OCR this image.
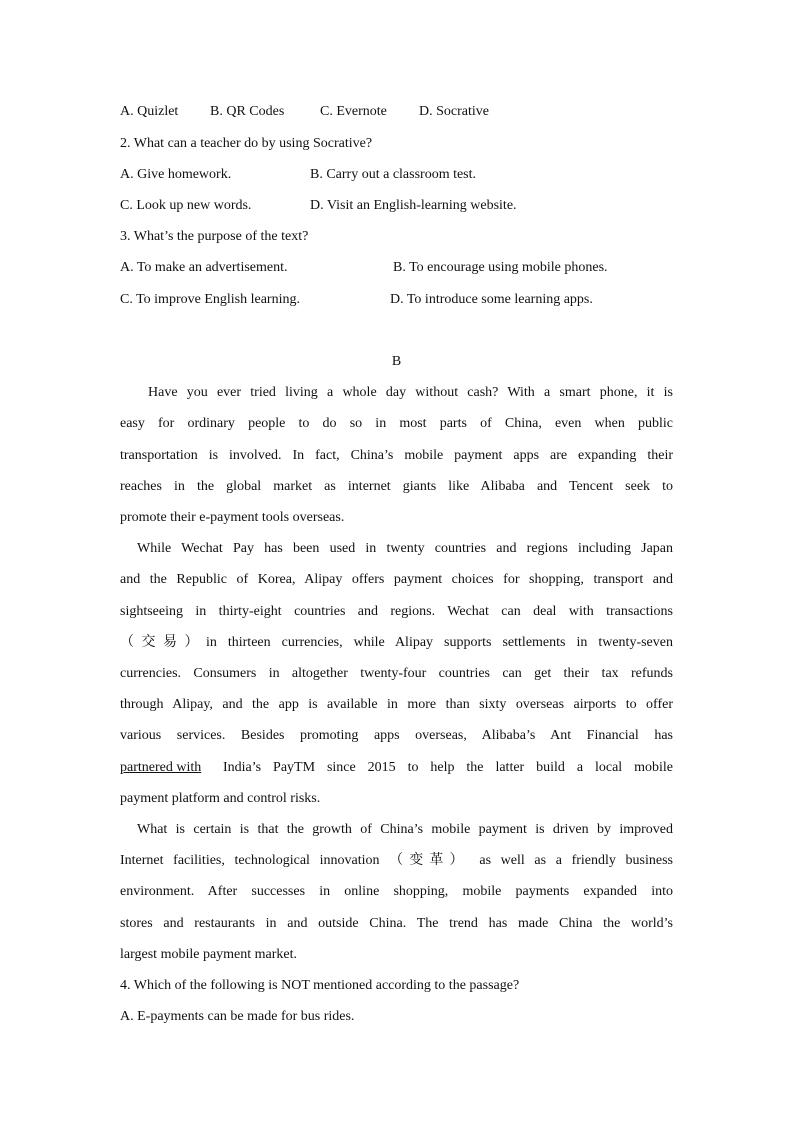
A. Quizlet B. QR Codes	C. Evernote D. Socrative
2. What can a teacher do by using Socrative?
A. Give homework.	B. Carry out a classroom test.
C. Look up new words.	D. Visit an English-learning website.
3. What’s the purpose of the text?
A. To make an advertisement.	B. To encourage using mobile phones.
C. To improve English learning.	D. To introduce some learning apps.
B
Have you ever tried living a whole day without cash? With a smart phone, it is
easy for ordinary people to do so in most parts of China, even when public
transportation is involved. In fact, China’s mobile payment apps are expanding their
reaches in the global market as internet giants like Alibaba and Tencent seek to
promote their e-payment tools overseas.
While Wechat Pay has been used in twenty countries and regions including Japan
and the Republic of Korea, Alipay offers payment choices for shopping, transport and
sightseeing in thirty-eight countries and regions. Wechat can deal with transactions
（交易）in thirteen currencies, while Alipay supports settlements in twenty-seven
currencies. Consumers in altogether twenty-four countries can get their tax refunds
through Alipay, and the app is available in more than sixty overseas airports to offer
various services. Besides promoting apps overseas, Alibaba’s Ant Financial has
partnered with India’s PayTM since 2015 to help the latter build a local mobile
payment platform and control risks.
What is certain is that the growth of China’s mobile payment is driven by improved
Internet facilities, technological innovation （变革） as well as a friendly business
environment. After successes in online shopping, mobile payments expanded into
stores and restaurants in and outside China. The trend has made China the world’s
largest mobile payment market.
4. Which of the following is NOT mentioned according to the passage?
A. E-payments can be made for bus rides.
